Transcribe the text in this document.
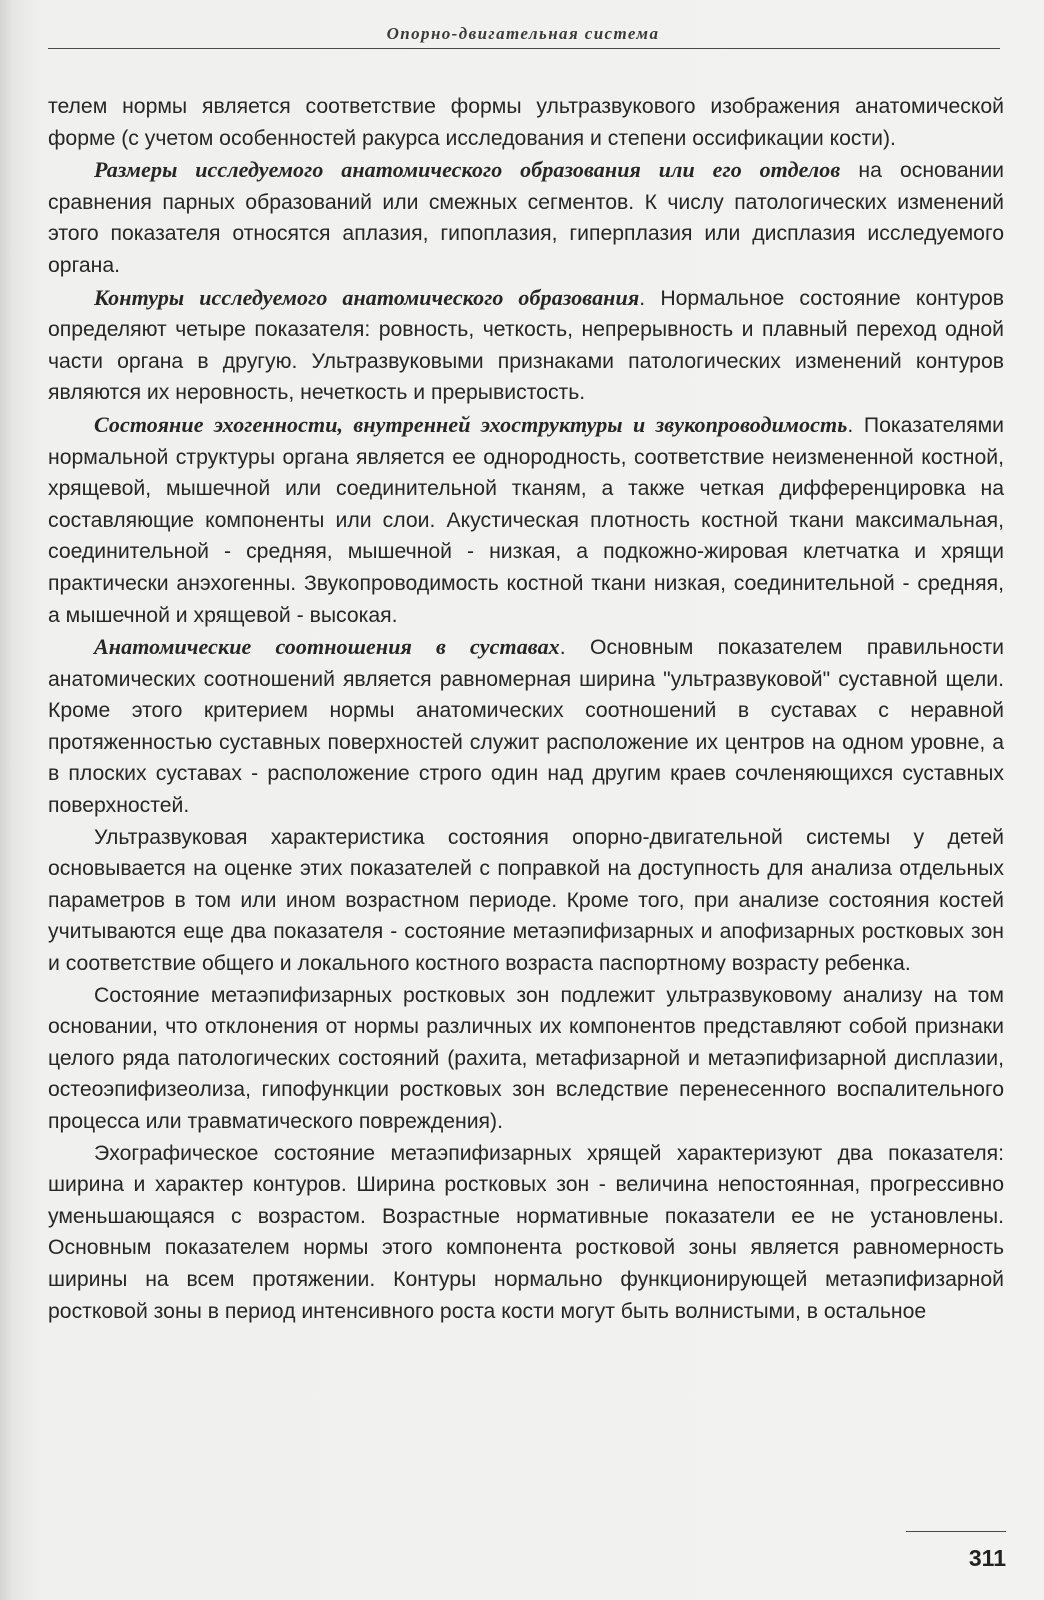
Опорно-двигательная система

телем нормы является соответствие формы ультразвукового изображения анатомической форме (с учетом особенностей ракурса исследования и степени оссификации кости).

Размеры исследуемого анатомического образования или его отделов на основании сравнения парных образований или смежных сегментов. К числу патологических изменений этого показателя относятся аплазия, гипоплазия, гиперплазия или дисплазия исследуемого органа.

Контуры исследуемого анатомического образования. Нормальное состояние контуров определяют четыре показателя: ровность, четкость, непрерывность и плавный переход одной части органа в другую. Ультразвуковыми признаками патологических изменений контуров являются их неровность, нечеткость и прерывистость.

Состояние эхогенности, внутренней эхоструктуры и звукопроводимость. Показателями нормальной структуры органа является ее однородность, соответствие неизмененной костной, хрящевой, мышечной или соединительной тканям, а также четкая дифференцировка на составляющие компоненты или слои. Акустическая плотность костной ткани максимальная, соединительной - средняя, мышечной - низкая, а подкожно-жировая клетчатка и хрящи практически анэхогенны. Звукопроводимость костной ткани низкая, соединительной - средняя, а мышечной и хрящевой - высокая.

Анатомические соотношения в суставах. Основным показателем правильности анатомических соотношений является равномерная ширина "ультразвуковой" суставной щели. Кроме этого критерием нормы анатомических соотношений в суставах с неравной протяженностью суставных поверхностей служит расположение их центров на одном уровне, а в плоских суставах - расположение строго один над другим краев сочленяющихся суставных поверхностей.

Ультразвуковая характеристика состояния опорно-двигательной системы у детей основывается на оценке этих показателей с поправкой на доступность для анализа отдельных параметров в том или ином возрастном периоде. Кроме того, при анализе состояния костей учитываются еще два показателя - состояние метаэпифизарных и апофизарных ростковых зон и соответствие общего и локального костного возраста паспортному возрасту ребенка.

Состояние метаэпифизарных ростковых зон подлежит ультразвуковому анализу на том основании, что отклонения от нормы различных их компонентов представляют собой признаки целого ряда патологических состояний (рахита, метафизарной и метаэпифизарной дисплазии, остеоэпифизеолиза, гипофункции ростковых зон вследствие перенесенного воспалительного процесса или травматического повреждения).

Эхографическое состояние метаэпифизарных хрящей характеризуют два показателя: ширина и характер контуров. Ширина ростковых зон - величина непостоянная, прогрессивно уменьшающаяся с возрастом. Возрастные нормативные показатели ее не установлены. Основным показателем нормы этого компонента ростковой зоны является равномерность ширины на всем протяжении. Контуры нормально функционирующей метаэпифизарной ростковой зоны в период интенсивного роста кости могут быть волнистыми, в остальное

311
